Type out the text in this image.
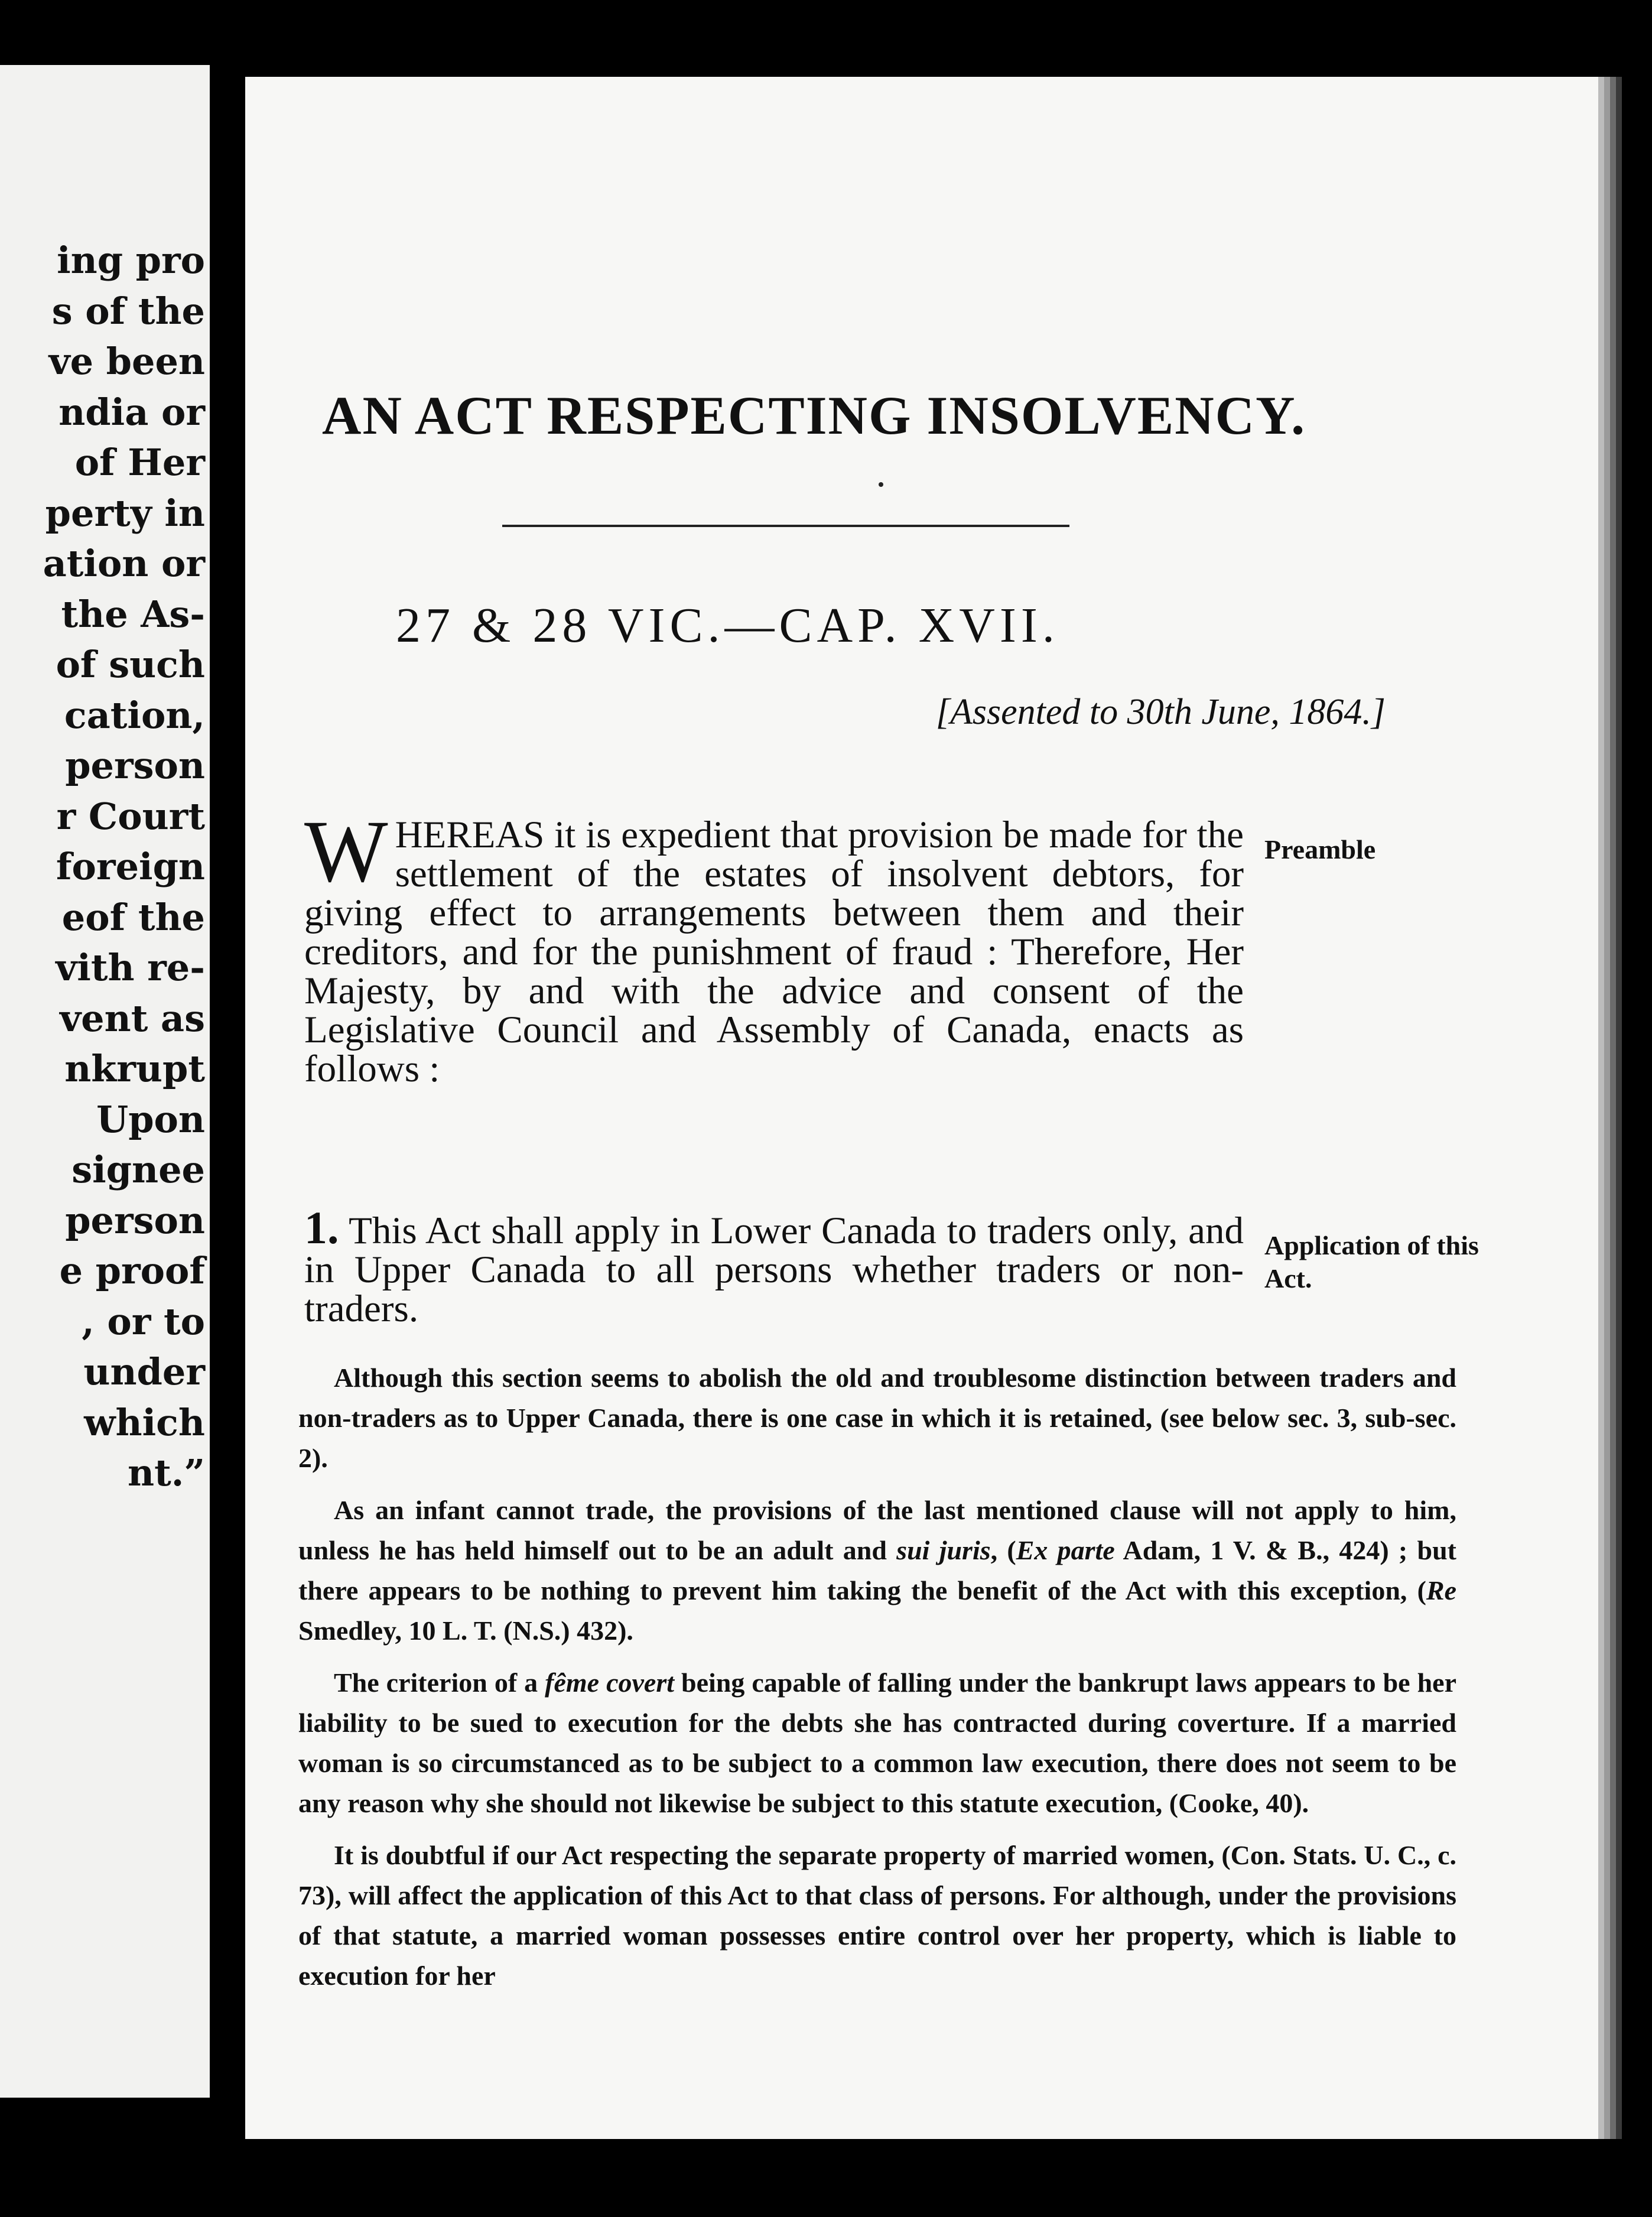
ing pro
s of the
ve been
ndia or
of Her
perty in
ation or
the As-
of such
cation,
person
r Court
foreign
eof the
vith re-
vent as
nkrupt
Upon
signee
person
e proof
, or to
under
which
nt.”
AN ACT RESPECTING INSOLVENCY.
27 & 28 VIC.—CAP. XVII.
[Assented to 30th June, 1864.]
WHEREAS it is expedient that provision be made for the settlement of the estates of insolvent debtors, for giving effect to arrangements between them and their creditors, and for the punishment of fraud : Therefore, Her Majesty, by and with the advice and consent of the Legislative Council and Assembly of Canada, enacts as follows :
Preamble
1. This Act shall apply in Lower Canada to traders only, and in Upper Canada to all persons whether traders or non-traders.
Application of this Act.

Although this section seems to abolish the old and troublesome distinction between traders and non-traders as to Upper Canada, there is one case in which it is retained, (see below sec. 3, sub-sec. 2).

As an infant cannot trade, the provisions of the last mentioned clause will not apply to him, unless he has held himself out to be an adult and sui juris, (Ex parte Adam, 1 V. & B., 424) ; but there appears to be nothing to prevent him taking the benefit of the Act with this exception, (Re Smedley, 10 L. T. (N.S.) 432).

The criterion of a fême covert being capable of falling under the bankrupt laws appears to be her liability to be sued to execution for the debts she has contracted during coverture. If a married woman is so circumstanced as to be subject to a common law execution, there does not seem to be any reason why she should not likewise be subject to this statute execution, (Cooke, 40).

It is doubtful if our Act respecting the separate property of married women, (Con. Stats. U. C., c. 73), will affect the application of this Act to that class of persons. For although, under the provisions of that statute, a married woman possesses entire control over her property, which is liable to execution for her
